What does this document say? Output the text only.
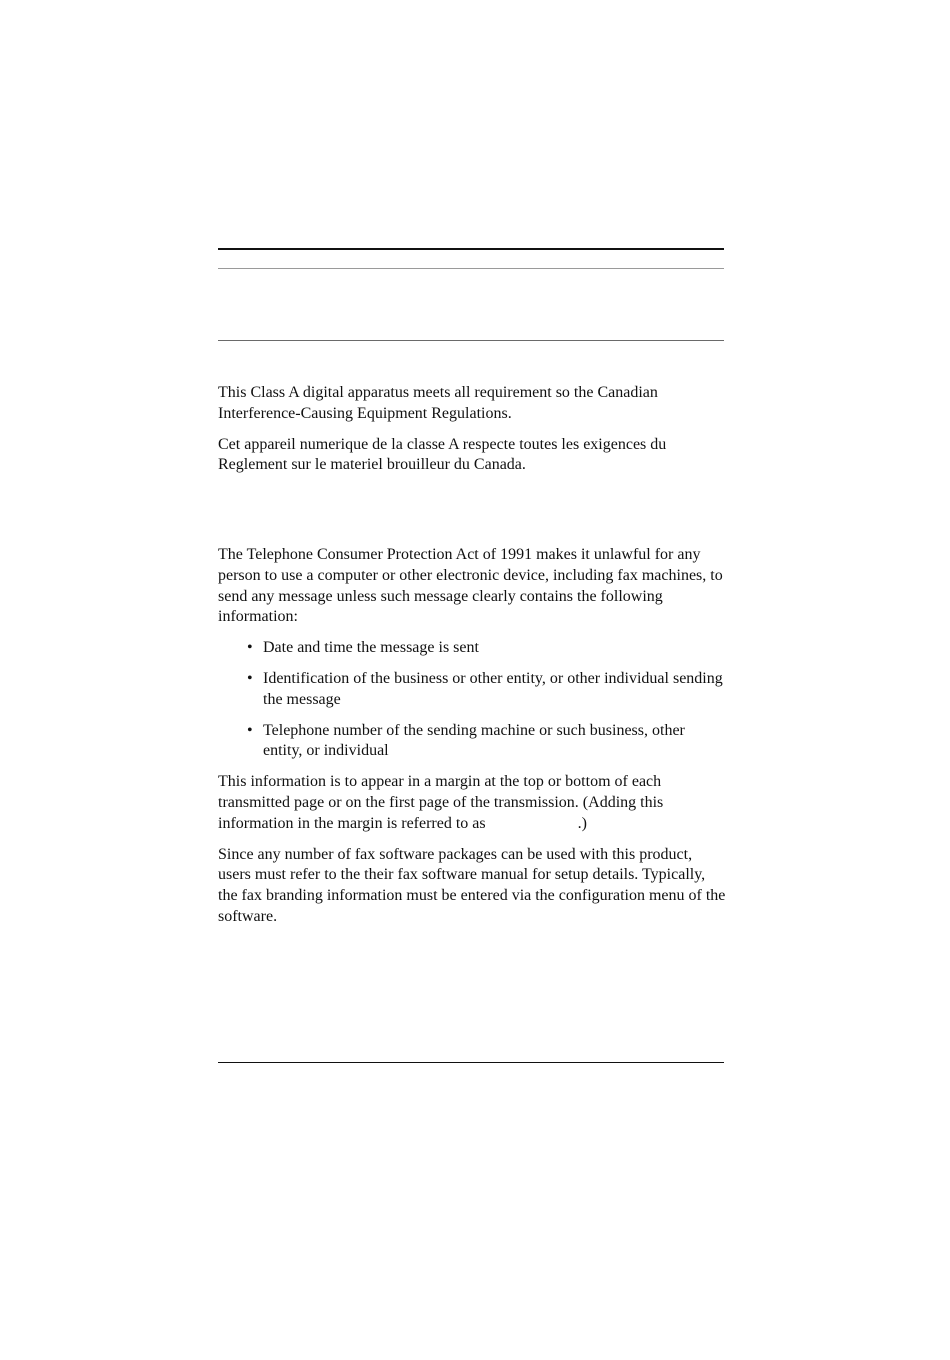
This Class A digital apparatus meets all requirement so the Canadian Interference-Causing Equipment Regulations.

Cet appareil numerique de la classe A respecte toutes les exigences du Reglement sur le materiel brouilleur du Canada.

The Telephone Consumer Protection Act of 1991 makes it unlawful for any person to use a computer or other electronic device, including fax machines, to send any message unless such message clearly contains the following information:

• Date and time the message is sent
• Identification of the business or other entity, or other individual sending the message
• Telephone number of the sending machine or such business, other entity, or individual

This information is to appear in a margin at the top or bottom of each transmitted page or on the first page of the transmission. (Adding this information in the margin is referred to as	.)

Since any number of fax software packages can be used with this product, users must refer to the their fax software manual for setup details. Typically, the fax branding information must be entered via the configuration menu of the software.
